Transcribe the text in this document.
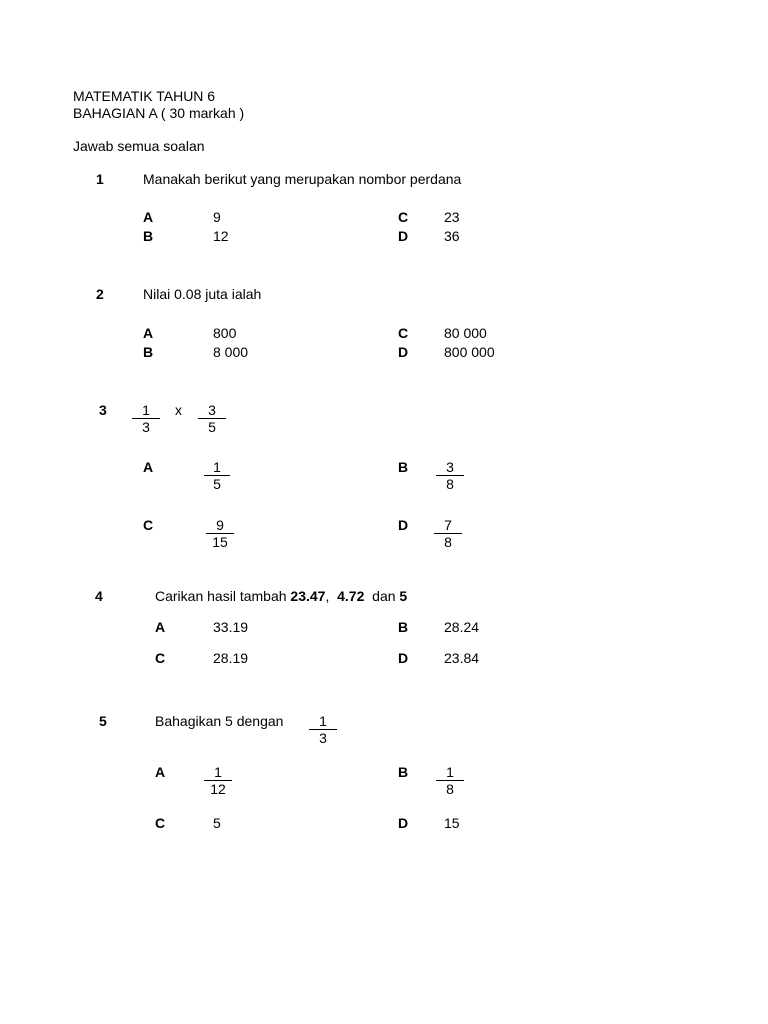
MATEMATIK TAHUN 6
BAHAGIAN A ( 30 markah )
Jawab semua soalan
1	Manakah berikut yang merupakan nombor perdana
A	9
B	12
C	23
D	36
2	Nilai 0.08 juta ialah
A	800
B	8 000
C	80 000
D	800 000
3	1
3
x	3
5
A	1
5
B	3
8
C	9
15
D	7
8
4	Carikan hasil tambah 23.47,  4.72  dan 5
A	33.19	B	28.24
C	28.19	D	23.84
5	Bahagikan 5 dengan	1
3
A	1
12
B	1
8
C	5	D	15
